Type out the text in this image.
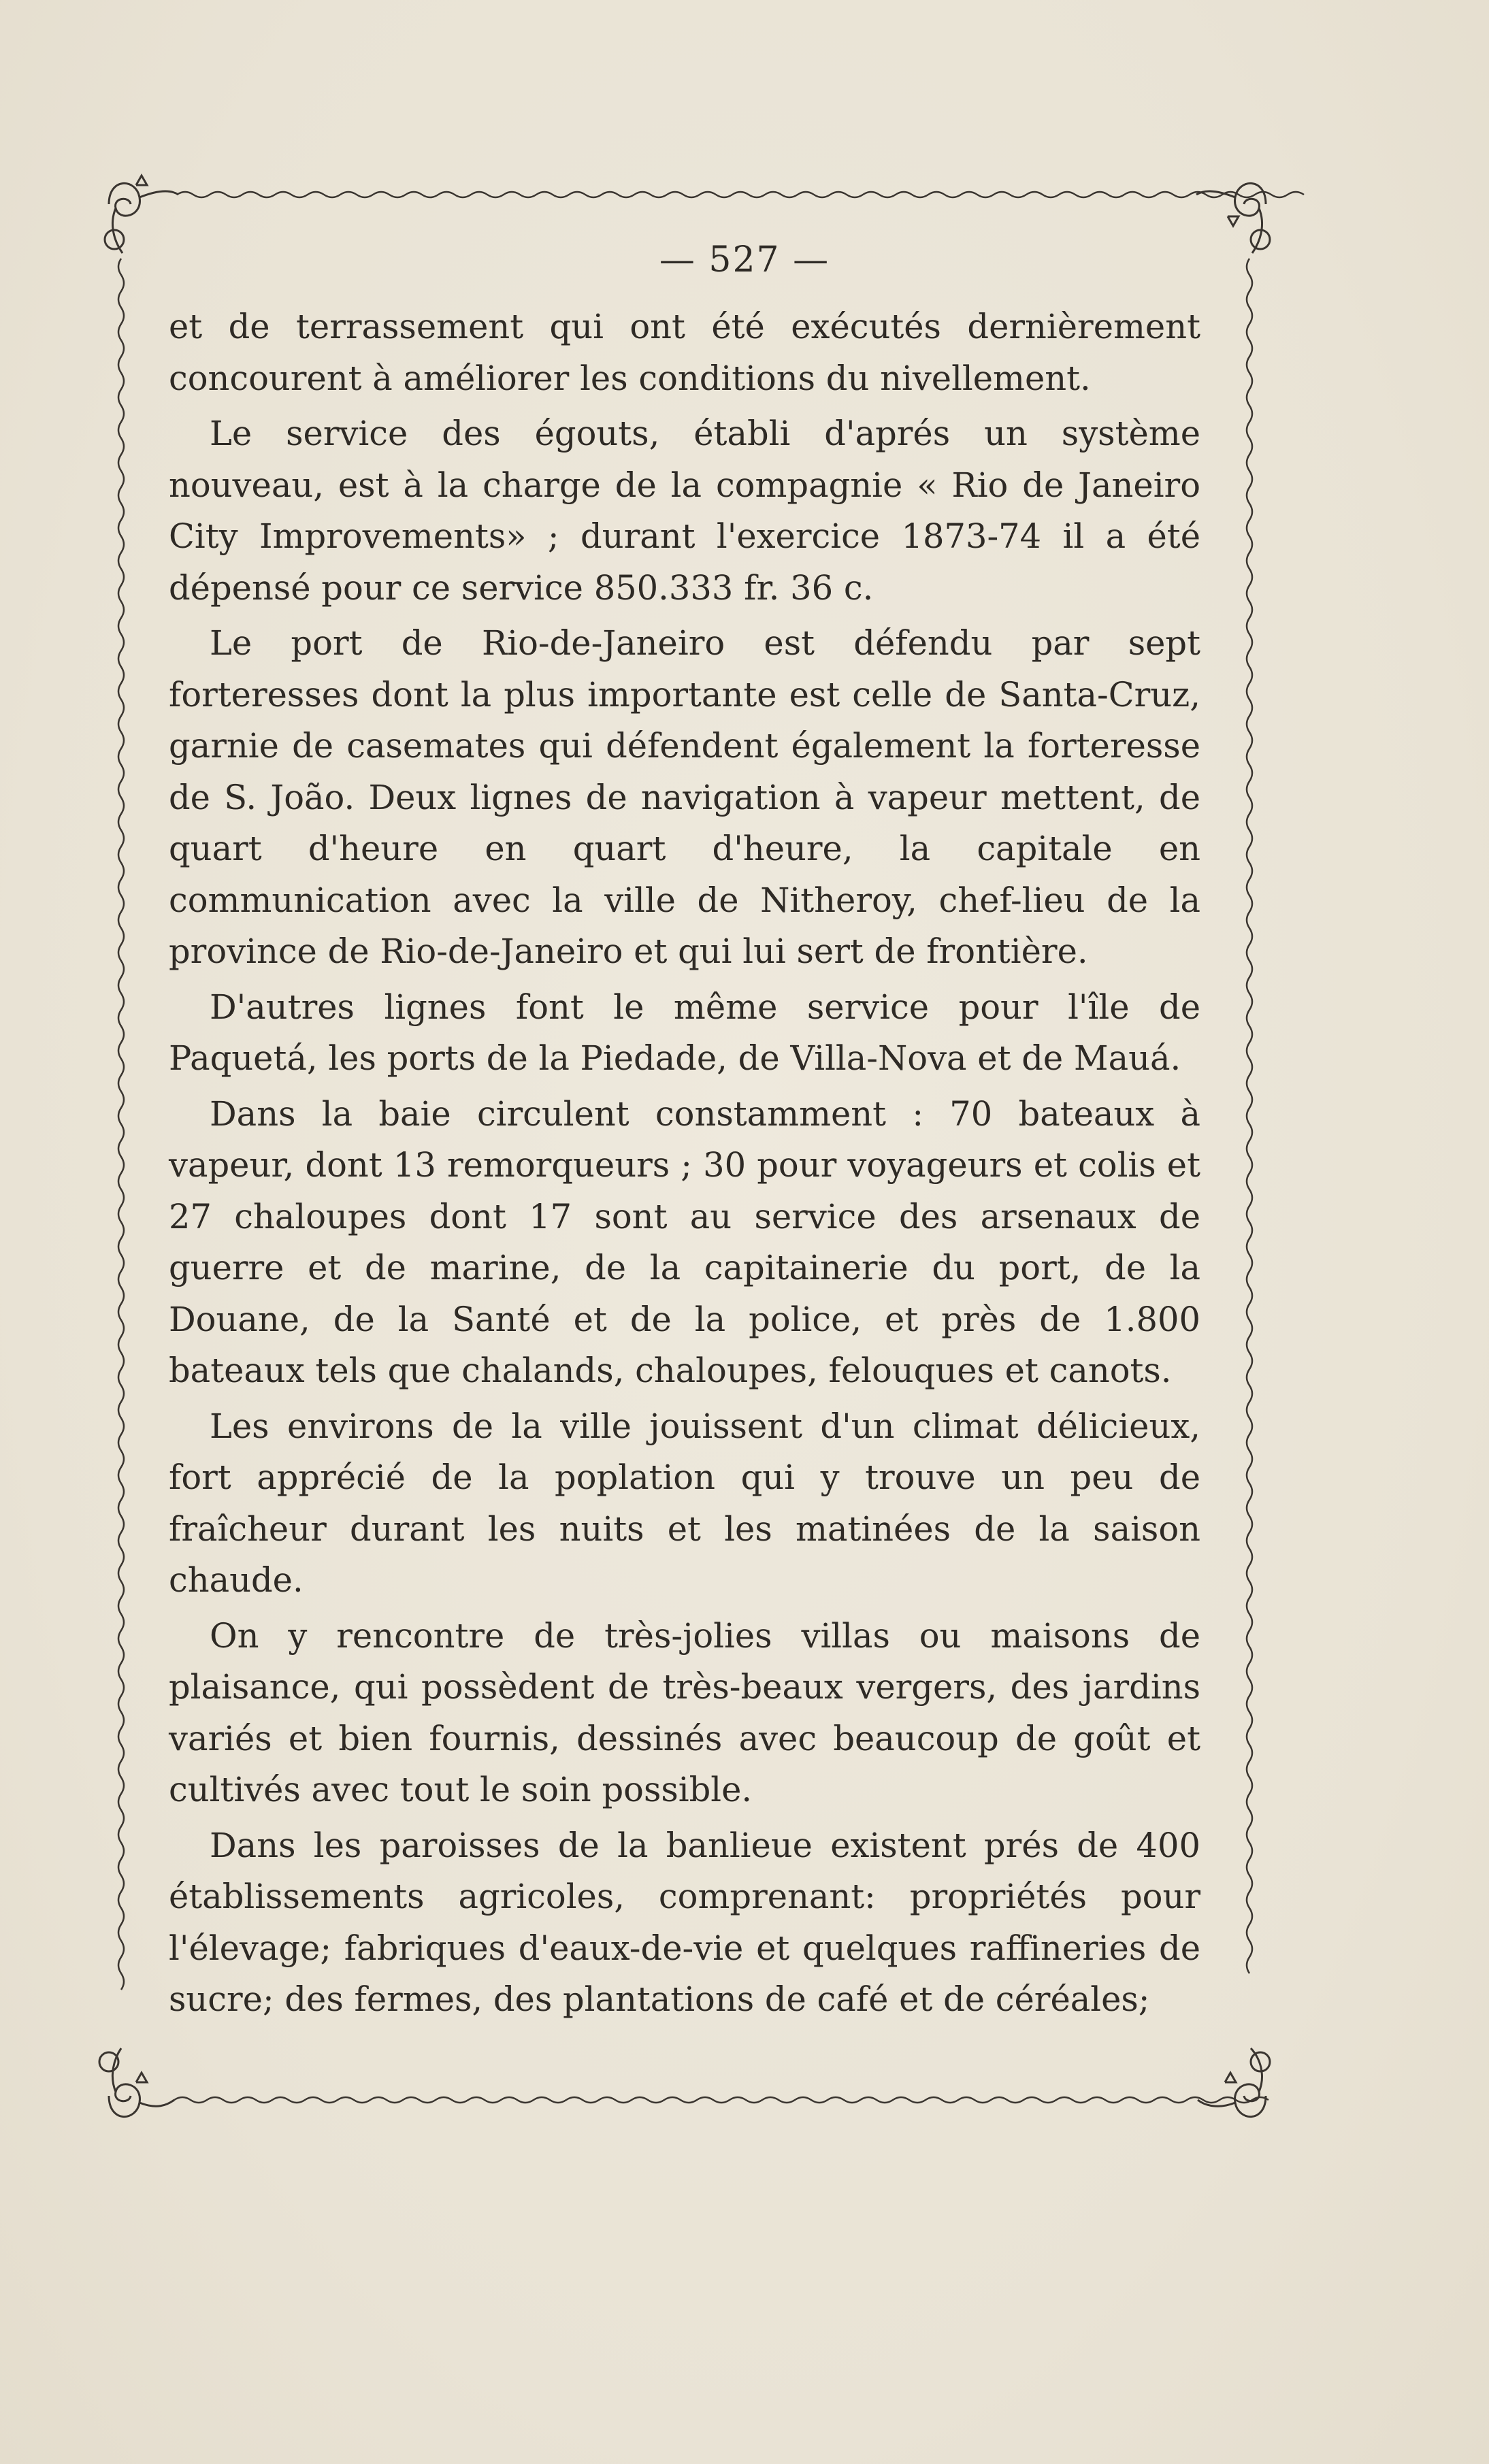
— 527 —

et de terrassement qui ont été exécutés dernièrement concourent à améliorer les conditions du nivellement.

Le service des égouts, établi d'aprés un système nouveau, est à la charge de la compagnie « Rio de Janeiro City Improvements» ; durant l'exercice 1873-74 il a été dépensé pour ce service 850.333 fr. 36 c.

Le port de Rio-de-Janeiro est défendu par sept forteresses dont la plus importante est celle de Santa-Cruz, garnie de casemates qui défendent également la forteresse de S. João. Deux lignes de navigation à vapeur mettent, de quart d'heure en quart d'heure, la capitale en communication avec la ville de Nitheroy, chef-lieu de la province de Rio-de-Janeiro et qui lui sert de frontière.

D'autres lignes font le même service pour l'île de Paquetá, les ports de la Piedade, de Villa-Nova et de Mauá.

Dans la baie circulent constamment : 70 bateaux à vapeur, dont 13 remorqueurs ; 30 pour voyageurs et colis et 27 chaloupes dont 17 sont au service des arsenaux de guerre et de marine, de la capitainerie du port, de la Douane, de la Santé et de la police, et près de 1.800 bateaux tels que chalands, chaloupes, felouques et canots.

Les environs de la ville jouissent d'un climat délicieux, fort apprécié de la poplation qui y trouve un peu de fraîcheur durant les nuits et les matinées de la saison chaude.

On y rencontre de très-jolies villas ou maisons de plaisance, qui possèdent de très-beaux vergers, des jardins variés et bien fournis, dessinés avec beaucoup de goût et cultivés avec tout le soin possible.

Dans les paroisses de la banlieue existent prés de 400 établissements agricoles, comprenant: propriétés pour l'élevage; fabriques d'eaux-de-vie et quelques raffineries de sucre; des fermes, des plantations de café et de céréales;
